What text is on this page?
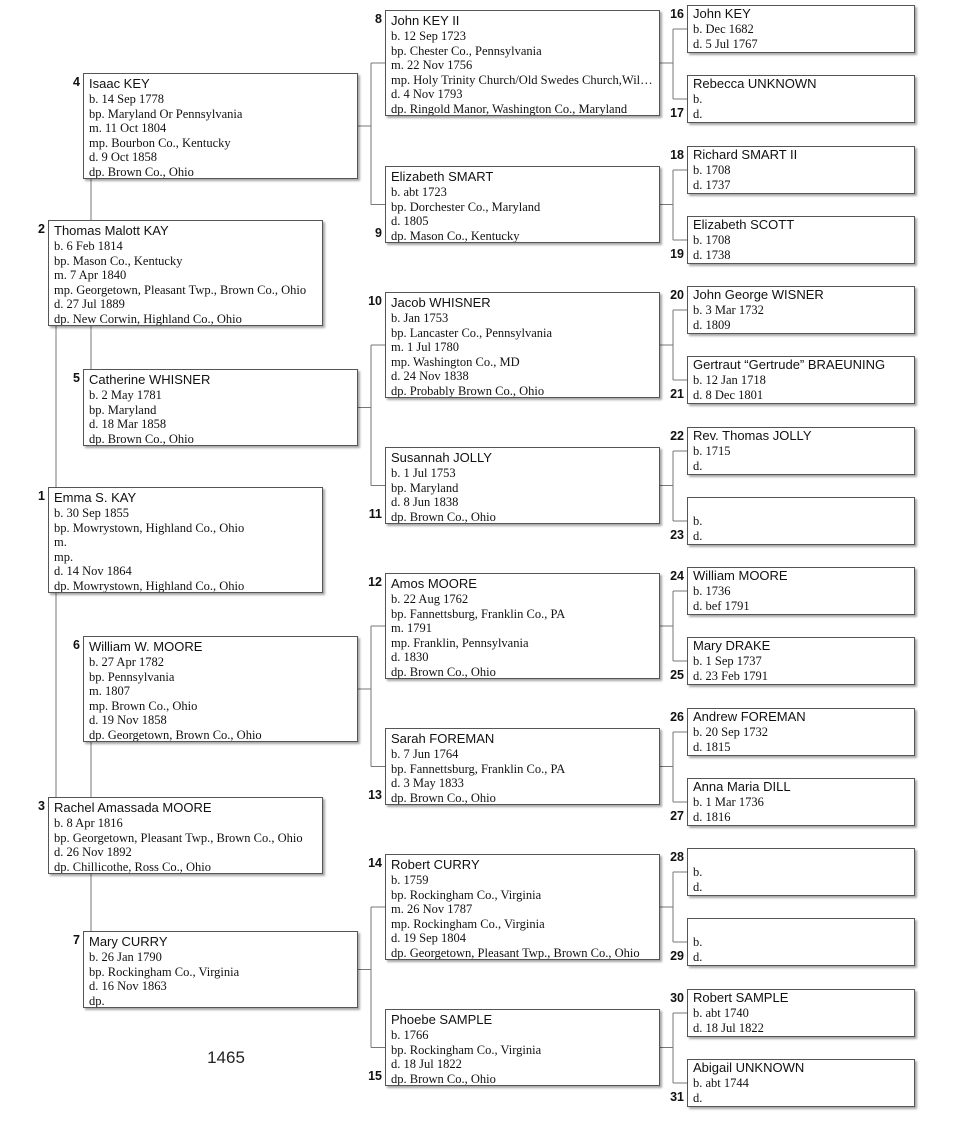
1465
Emma S. KAY
b. 30 Sep 1855
bp. Mowrystown, Highland Co., Ohio
m.
mp.
d. 14 Nov 1864
dp. Mowrystown, Highland Co., Ohio
1
Thomas Malott KAY
b. 6 Feb 1814
bp. Mason Co., Kentucky
m. 7 Apr 1840
mp. Georgetown, Pleasant Twp., Brown Co., Ohio
d. 27 Jul 1889
dp. New Corwin, Highland Co., Ohio
2
Rachel Amassada MOORE
b. 8 Apr 1816
bp. Georgetown, Pleasant Twp., Brown Co., Ohio
d. 26 Nov 1892
dp. Chillicothe, Ross Co., Ohio
3
Isaac KEY
b. 14 Sep 1778
bp. Maryland Or Pennsylvania
m. 11 Oct 1804
mp. Bourbon Co., Kentucky
d. 9 Oct 1858
dp. Brown Co., Ohio
4
Catherine WHISNER
b. 2 May 1781
bp. Maryland
d. 18 Mar 1858
dp. Brown Co., Ohio
5
William W. MOORE
b. 27 Apr 1782
bp. Pennsylvania
m. 1807
mp. Brown Co., Ohio
d. 19 Nov 1858
dp. Georgetown, Brown Co., Ohio
6
Mary CURRY
b. 26 Jan 1790
bp. Rockingham Co., Virginia
d. 16 Nov 1863
dp.
7
John KEY II
b. 12 Sep 1723
bp. Chester Co., Pennsylvania
m. 22 Nov 1756
mp. Holy Trinity Church/Old Swedes Church,Wil…
d. 4 Nov 1793
dp. Ringold Manor, Washington Co., Maryland
8
Elizabeth SMART
b. abt 1723
bp. Dorchester Co., Maryland
d. 1805
dp. Mason Co., Kentucky
9
Jacob WHISNER
b. Jan 1753
bp. Lancaster Co., Pennsylvania
m. 1 Jul 1780
mp. Washington Co., MD
d. 24 Nov 1838
dp. Probably Brown Co., Ohio
10
Susannah JOLLY
b. 1 Jul 1753
bp. Maryland
d. 8 Jun 1838
dp. Brown Co., Ohio
11
Amos MOORE
b. 22 Aug 1762
bp. Fannettsburg, Franklin Co., PA
m. 1791
mp. Franklin, Pennsylvania
d. 1830
dp. Brown Co., Ohio
12
Sarah FOREMAN
b. 7 Jun 1764
bp. Fannettsburg, Franklin Co., PA
d. 3 May 1833
dp. Brown Co., Ohio
13
Robert CURRY
b. 1759
bp. Rockingham Co., Virginia
m. 26 Nov 1787
mp. Rockingham Co., Virginia
d. 19 Sep 1804
dp. Georgetown, Pleasant Twp., Brown Co., Ohio
14
Phoebe SAMPLE
b. 1766
bp. Rockingham Co., Virginia
d. 18 Jul 1822
dp. Brown Co., Ohio
15
John KEY
b. Dec 1682
d. 5 Jul 1767
16
Rebecca UNKNOWN
b.
d.
17
Richard SMART II
b. 1708
d. 1737
18
Elizabeth SCOTT
b. 1708
d. 1738
19
John George WISNER
b. 3 Mar 1732
d. 1809
20
Gertraut “Gertrude” BRAEUNING
b. 12 Jan 1718
d. 8 Dec 1801
21
Rev. Thomas JOLLY
b. 1715
d.
22
b.
d.
23
William MOORE
b. 1736
d. bef 1791
24
Mary DRAKE
b. 1 Sep 1737
d. 23 Feb 1791
25
Andrew FOREMAN
b. 20 Sep 1732
d. 1815
26
Anna Maria DILL
b. 1 Mar 1736
d. 1816
27
b.
d.
28
b.
d.
29
Robert SAMPLE
b. abt 1740
d. 18 Jul 1822
30
Abigail UNKNOWN
b. abt 1744
d.
31
